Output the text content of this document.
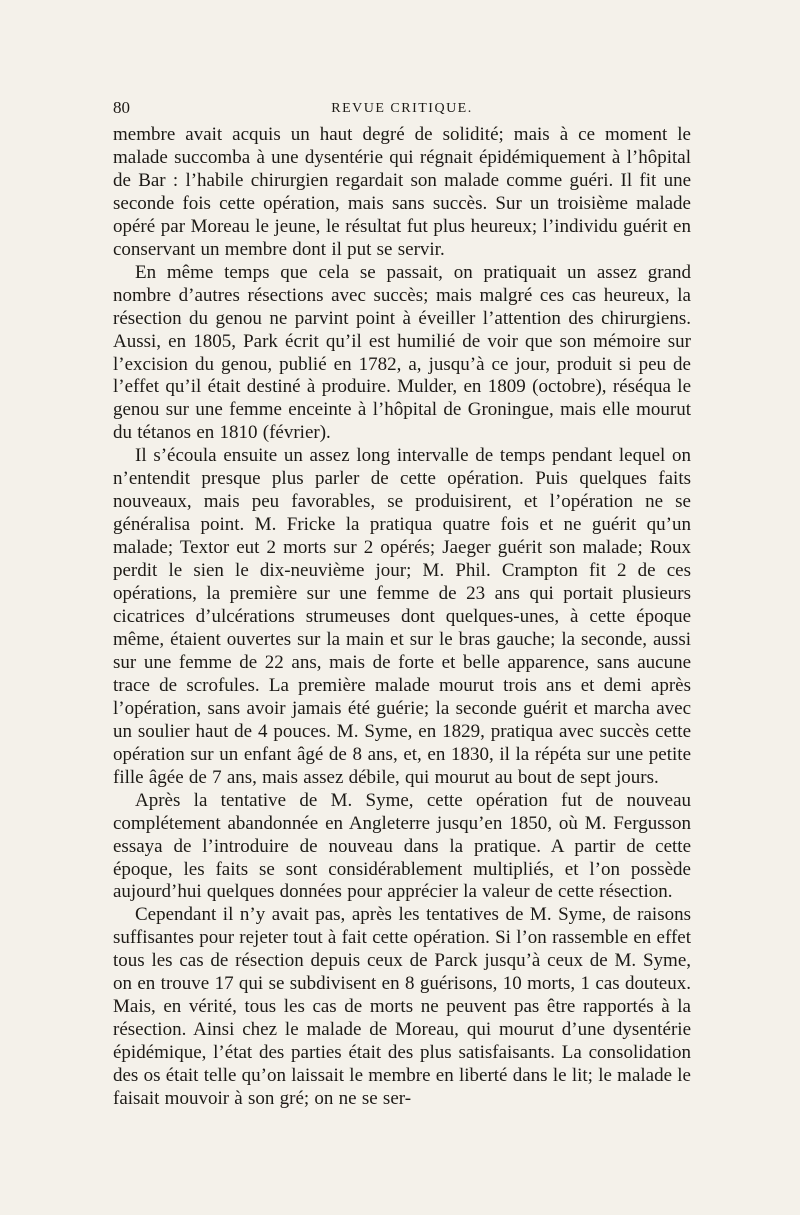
80	REVUE CRITIQUE.

membre avait acquis un haut degré de solidité; mais à ce moment le malade succomba à une dysentérie qui régnait épidémiquement à l’hôpital de Bar : l’habile chirurgien regardait son malade comme guéri. Il fit une seconde fois cette opération, mais sans succès. Sur un troisième malade opéré par Moreau le jeune, le résultat fut plus heureux; l’individu guérit en conservant un membre dont il put se servir.

En même temps que cela se passait, on pratiquait un assez grand nombre d’autres résections avec succès; mais malgré ces cas heureux, la résection du genou ne parvint point à éveiller l’attention des chirurgiens. Aussi, en 1805, Park écrit qu’il est humilié de voir que son mémoire sur l’excision du genou, publié en 1782, a, jusqu’à ce jour, produit si peu de l’effet qu’il était destiné à produire. Mulder, en 1809 (octobre), réséqua le genou sur une femme enceinte à l’hôpital de Groningue, mais elle mourut du tétanos en 1810 (février).

Il s’écoula ensuite un assez long intervalle de temps pendant lequel on n’entendit presque plus parler de cette opération. Puis quelques faits nouveaux, mais peu favorables, se produisirent, et l’opération ne se généralisa point. M. Fricke la pratiqua quatre fois et ne guérit qu’un malade; Textor eut 2 morts sur 2 opérés; Jaeger guérit son malade; Roux perdit le sien le dix-neuvième jour; M. Phil. Crampton fit 2 de ces opérations, la première sur une femme de 23 ans qui portait plusieurs cicatrices d’ulcérations strumeuses dont quelques-unes, à cette époque même, étaient ouvertes sur la main et sur le bras gauche; la seconde, aussi sur une femme de 22 ans, mais de forte et belle apparence, sans aucune trace de scrofules. La première malade mourut trois ans et demi après l’opération, sans avoir jamais été guérie; la seconde guérit et marcha avec un soulier haut de 4 pouces. M. Syme, en 1829, pratiqua avec succès cette opération sur un enfant âgé de 8 ans, et, en 1830, il la répéta sur une petite fille âgée de 7 ans, mais assez débile, qui mourut au bout de sept jours.

Après la tentative de M. Syme, cette opération fut de nouveau complétement abandonnée en Angleterre jusqu’en 1850, où M. Fergusson essaya de l’introduire de nouveau dans la pratique. A partir de cette époque, les faits se sont considérablement multipliés, et l’on possède aujourd’hui quelques données pour apprécier la valeur de cette résection.

Cependant il n’y avait pas, après les tentatives de M. Syme, de raisons suffisantes pour rejeter tout à fait cette opération. Si l’on rassemble en effet tous les cas de résection depuis ceux de Parck jusqu’à ceux de M. Syme, on en trouve 17 qui se subdivisent en 8 guérisons, 10 morts, 1 cas douteux. Mais, en vérité, tous les cas de morts ne peuvent pas être rapportés à la résection. Ainsi chez le malade de Moreau, qui mourut d’une dysentérie épidémique, l’état des parties était des plus satisfaisants. La consolidation des os était telle qu’on laissait le membre en liberté dans le lit; le malade le faisait mouvoir à son gré; on ne se ser-
